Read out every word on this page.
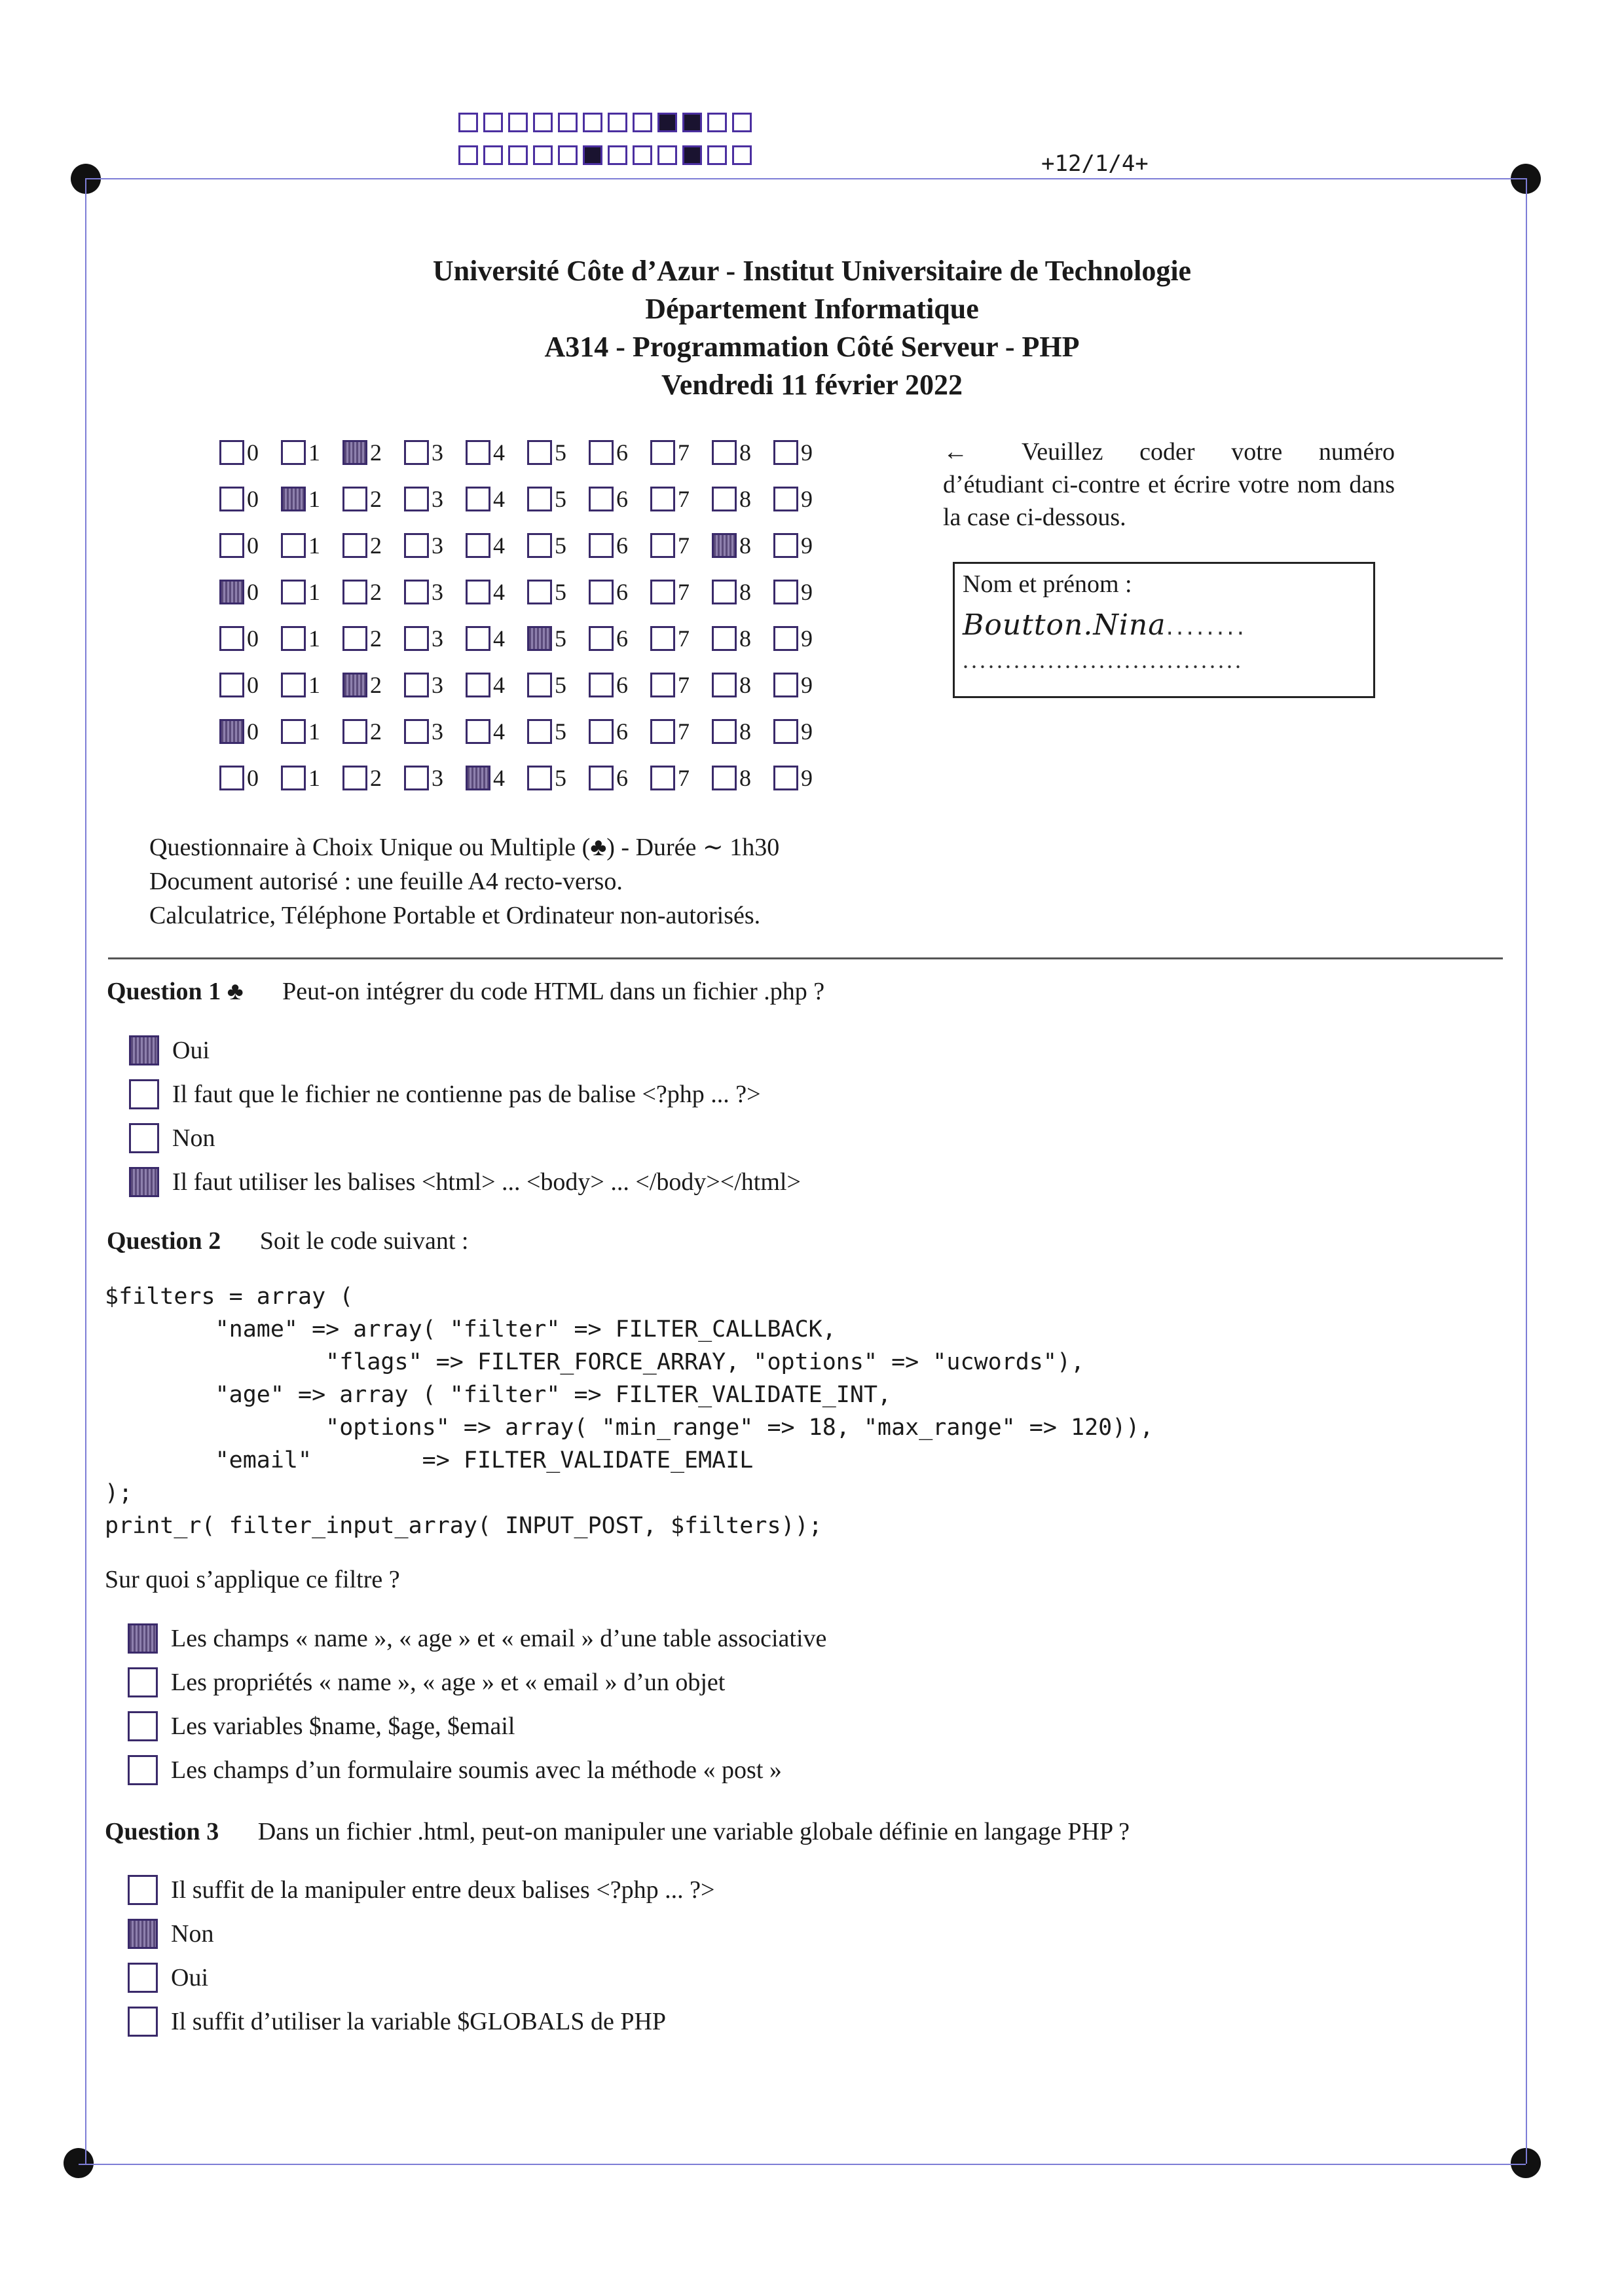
+12/1/4+
Université Côte d’Azur - Institut Universitaire de Technologie
Département Informatique
A314 - Programmation Côté Serveur - PHP
Vendredi 11 février 2022
0 1 2 3 4 5 6 7 8 9
0 1 2 3 4 5 6 7 8 9
0 1 2 3 4 5 6 7 8 9
0 1 2 3 4 5 6 7 8 9
0 1 2 3 4 5 6 7 8 9
0 1 2 3 4 5 6 7 8 9
0 1 2 3 4 5 6 7 8 9
0 1 2 3 4 5 6 7 8 9
← Veuillez coder votre numéro d’étudiant ci-contre et écrire votre nom dans la case ci-dessous.
Nom et prénom :
Boutton.Nina........
.................................
Questionnaire à Choix Unique ou Multiple (♣) - Durée ∼ 1h30
Document autorisé : une feuille A4 recto-verso.
Calculatrice, Téléphone Portable et Ordinateur non-autorisés.
Question 1 ♣ Peut-on intégrer du code HTML dans un fichier .php ?
Oui
Il faut que le fichier ne contienne pas de balise <?php ... ?>
Non
Il faut utiliser les balises <html> ... <body> ... </body></html>
Question 2 Soit le code suivant :
$filters = array (
"name" => array( "filter" => FILTER_CALLBACK,
"flags" => FILTER_FORCE_ARRAY, "options" => "ucwords"),
"age" => array ( "filter" => FILTER_VALIDATE_INT,
"options" => array( "min_range" => 18, "max_range" => 120)),
"email"        => FILTER_VALIDATE_EMAIL
);
print_r( filter_input_array( INPUT_POST, $filters));
Sur quoi s’applique ce filtre ?
Les champs « name », « age » et « email » d’une table associative
Les propriétés « name », « age » et « email » d’un objet
Les variables $name, $age, $email
Les champs d’un formulaire soumis avec la méthode « post »
Question 3 Dans un fichier .html, peut-on manipuler une variable globale définie en langage PHP ?
Il suffit de la manipuler entre deux balises <?php ... ?>
Non
Oui
Il suffit d’utiliser la variable $GLOBALS de PHP
